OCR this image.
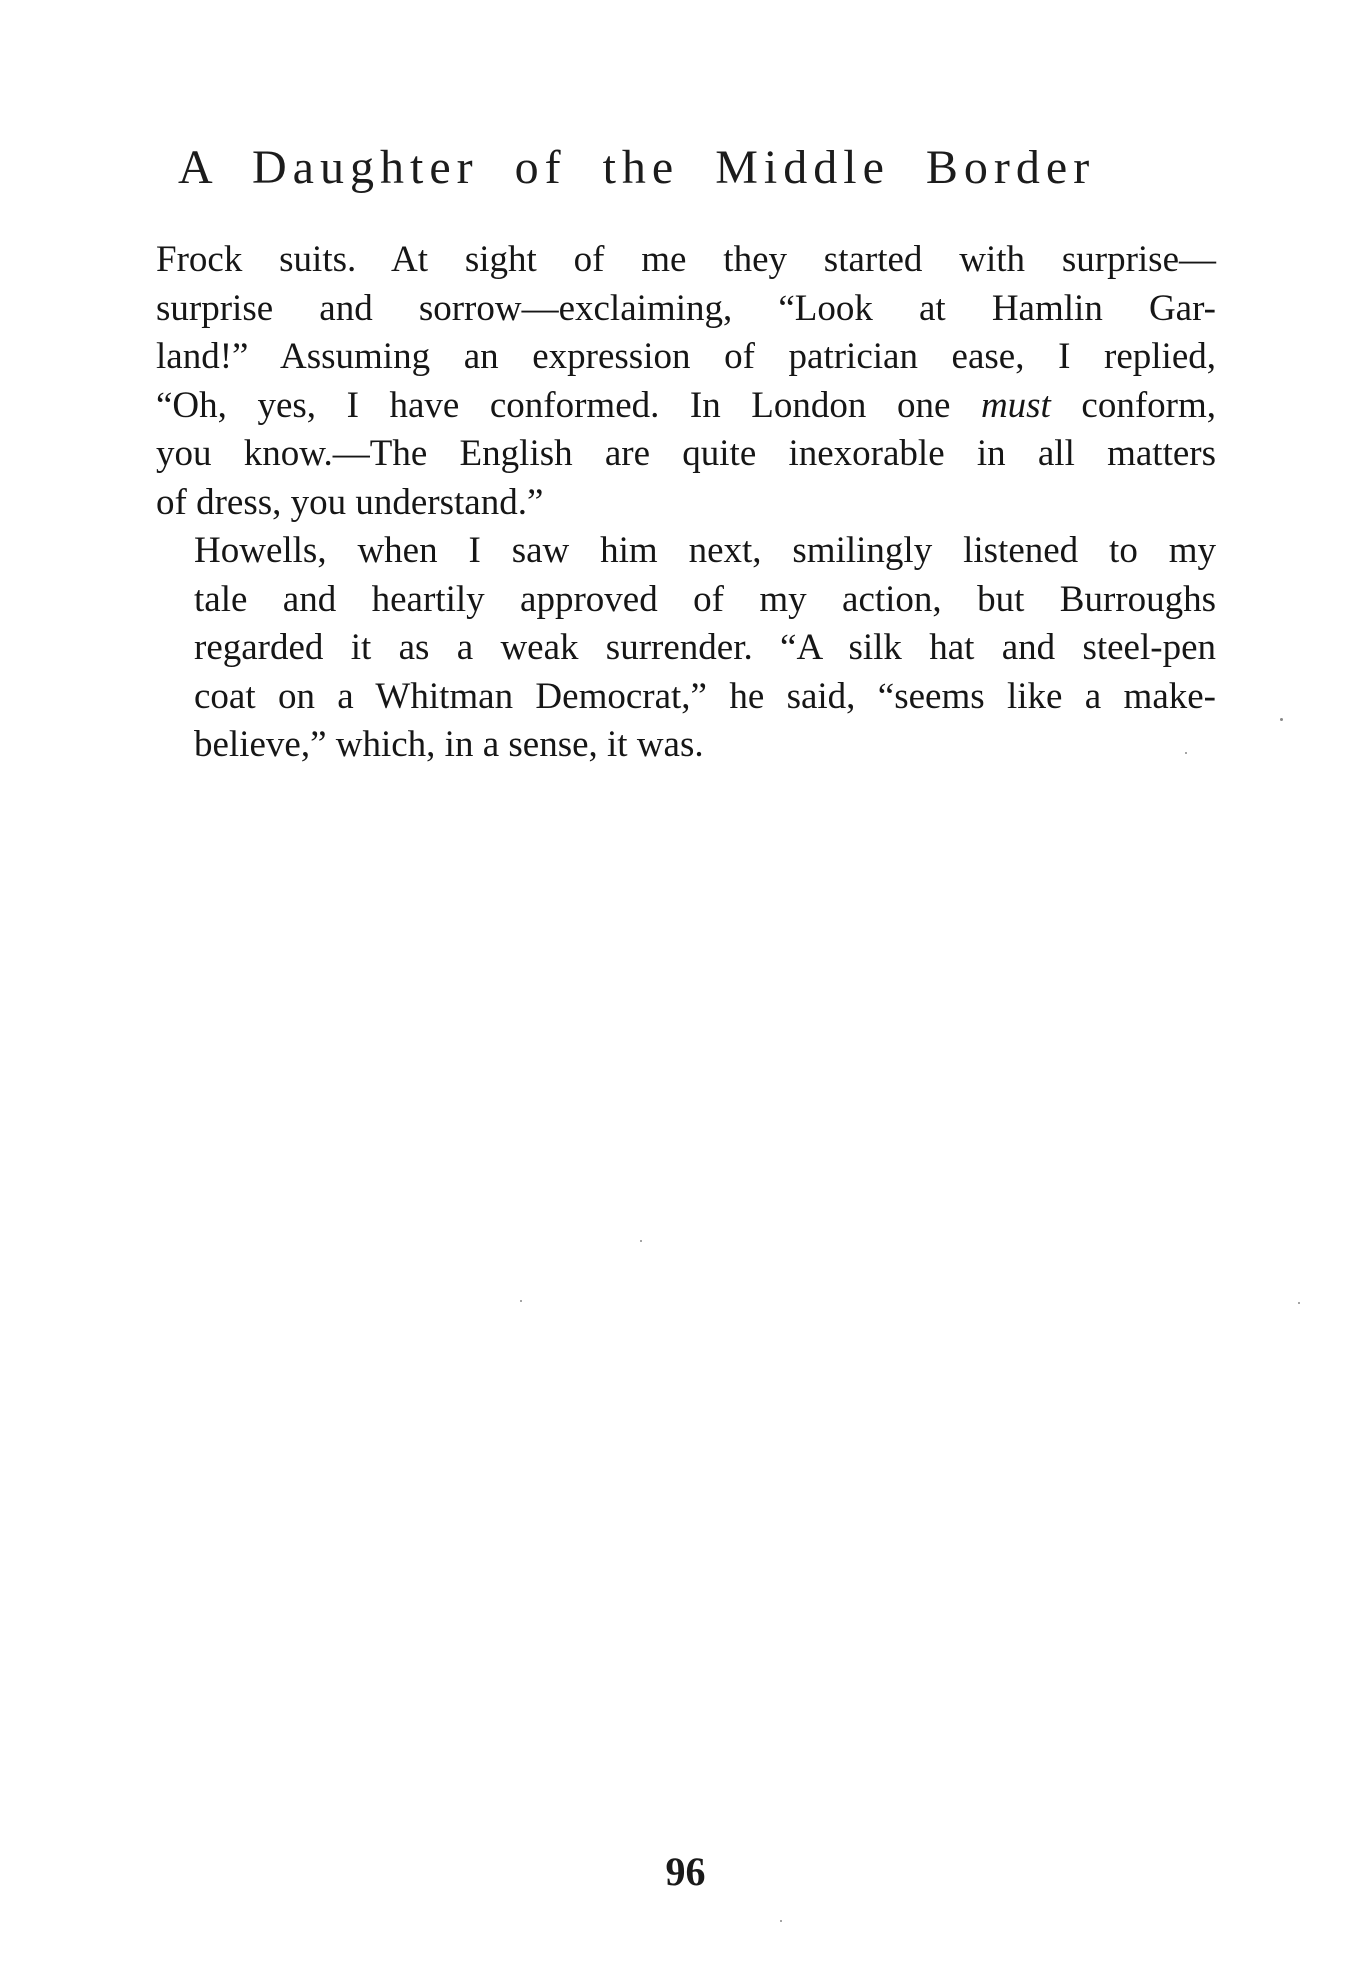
A Daughter of the Middle Border

Frock suits. At sight of me they started with surprise—
surprise and sorrow—exclaiming, “Look at Hamlin Gar-
land!” Assuming an expression of patrician ease, I replied,
“Oh, yes, I have conformed. In London one must conform,
you know.—The English are quite inexorable in all matters
of dress, you understand.”

Howells, when I saw him next, smilingly listened to my
tale and heartily approved of my action, but Burroughs
regarded it as a weak surrender. “A silk hat and steel-pen
coat on a Whitman Democrat,” he said, “seems like a make-
believe,” which, in a sense, it was.

96
